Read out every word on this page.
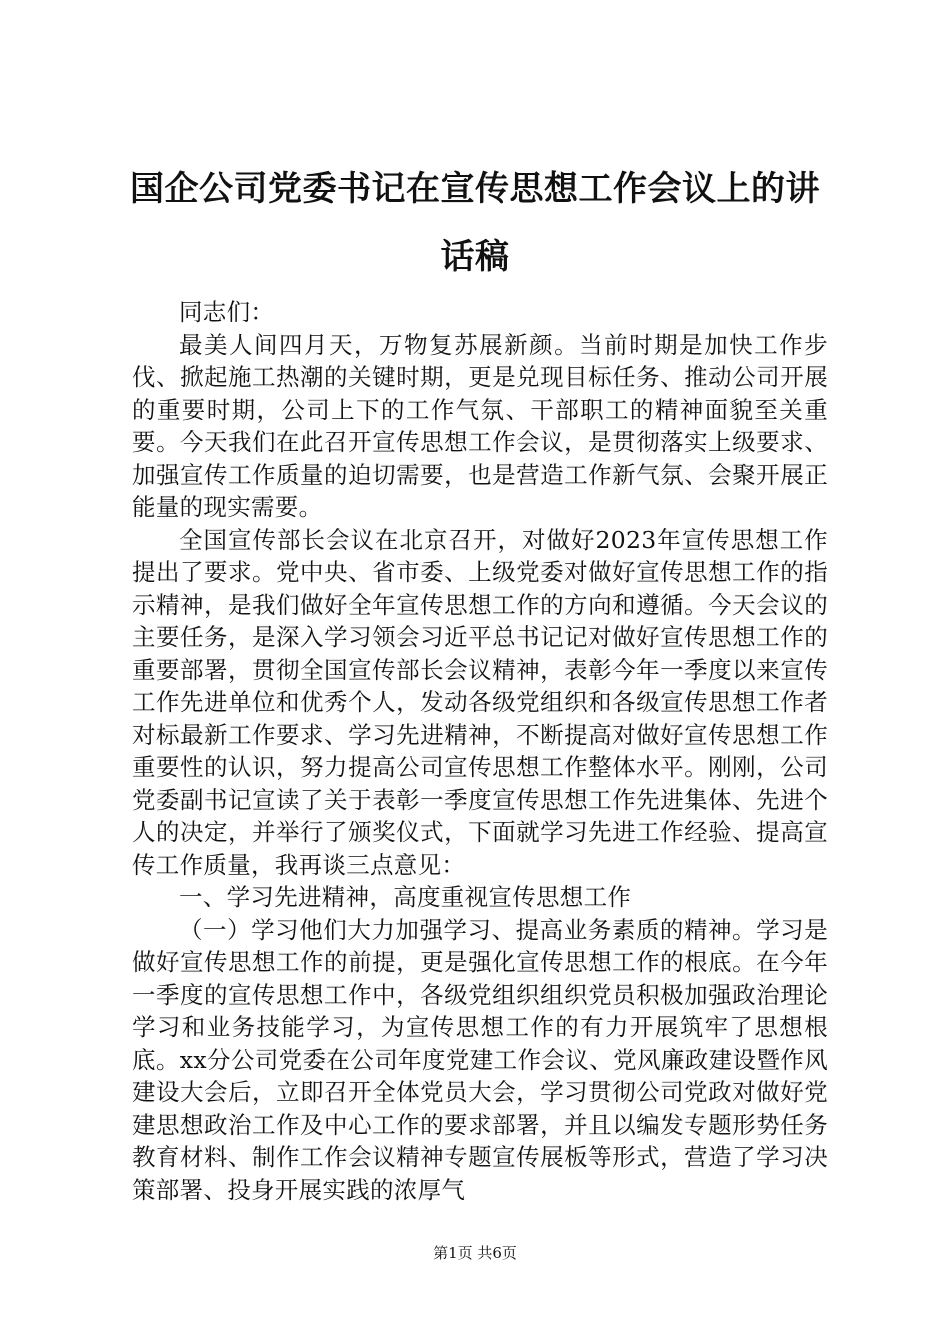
国企公司党委书记在宣传思想工作会议上的讲话稿

同志们：

最美人间四月天，万物复苏展新颜。当前时期是加快工作步伐、掀起施工热潮的关键时期，更是兑现目标任务、推动公司开展的重要时期，公司上下的工作气氛、干部职工的精神面貌至关重要。今天我们在此召开宣传思想工作会议，是贯彻落实上级要求、加强宣传工作质量的迫切需要，也是营造工作新气氛、会聚开展正能量的现实需要。

全国宣传部长会议在北京召开，对做好2023年宣传思想工作提出了要求。党中央、省市委、上级党委对做好宣传思想工作的指示精神，是我们做好全年宣传思想工作的方向和遵循。今天会议的主要任务，是深入学习领会习近平总书记记对做好宣传思想工作的重要部署，贯彻全国宣传部长会议精神，表彰今年一季度以来宣传工作先进单位和优秀个人，发动各级党组织和各级宣传思想工作者对标最新工作要求、学习先进精神，不断提高对做好宣传思想工作重要性的认识，努力提高公司宣传思想工作整体水平。刚刚，公司党委副书记宣读了关于表彰一季度宣传思想工作先进集体、先进个人的决定，并举行了颁奖仪式，下面就学习先进工作经验、提高宣传工作质量，我再谈三点意见：

一、学习先进精神，高度重视宣传思想工作

（一）学习他们大力加强学习、提高业务素质的精神。学习是做好宣传思想工作的前提，更是强化宣传思想工作的根底。在今年一季度的宣传思想工作中，各级党组织组织党员积极加强政治理论学习和业务技能学习，为宣传思想工作的有力开展筑牢了思想根底。xx分公司党委在公司年度党建工作会议、党风廉政建设暨作风建设大会后，立即召开全体党员大会，学习贯彻公司党政对做好党建思想政治工作及中心工作的要求部署，并且以编发专题形势任务教育材料、制作工作会议精神专题宣传展板等形式，营造了学习决策部署、投身开展实践的浓厚气

第1页 共6页
